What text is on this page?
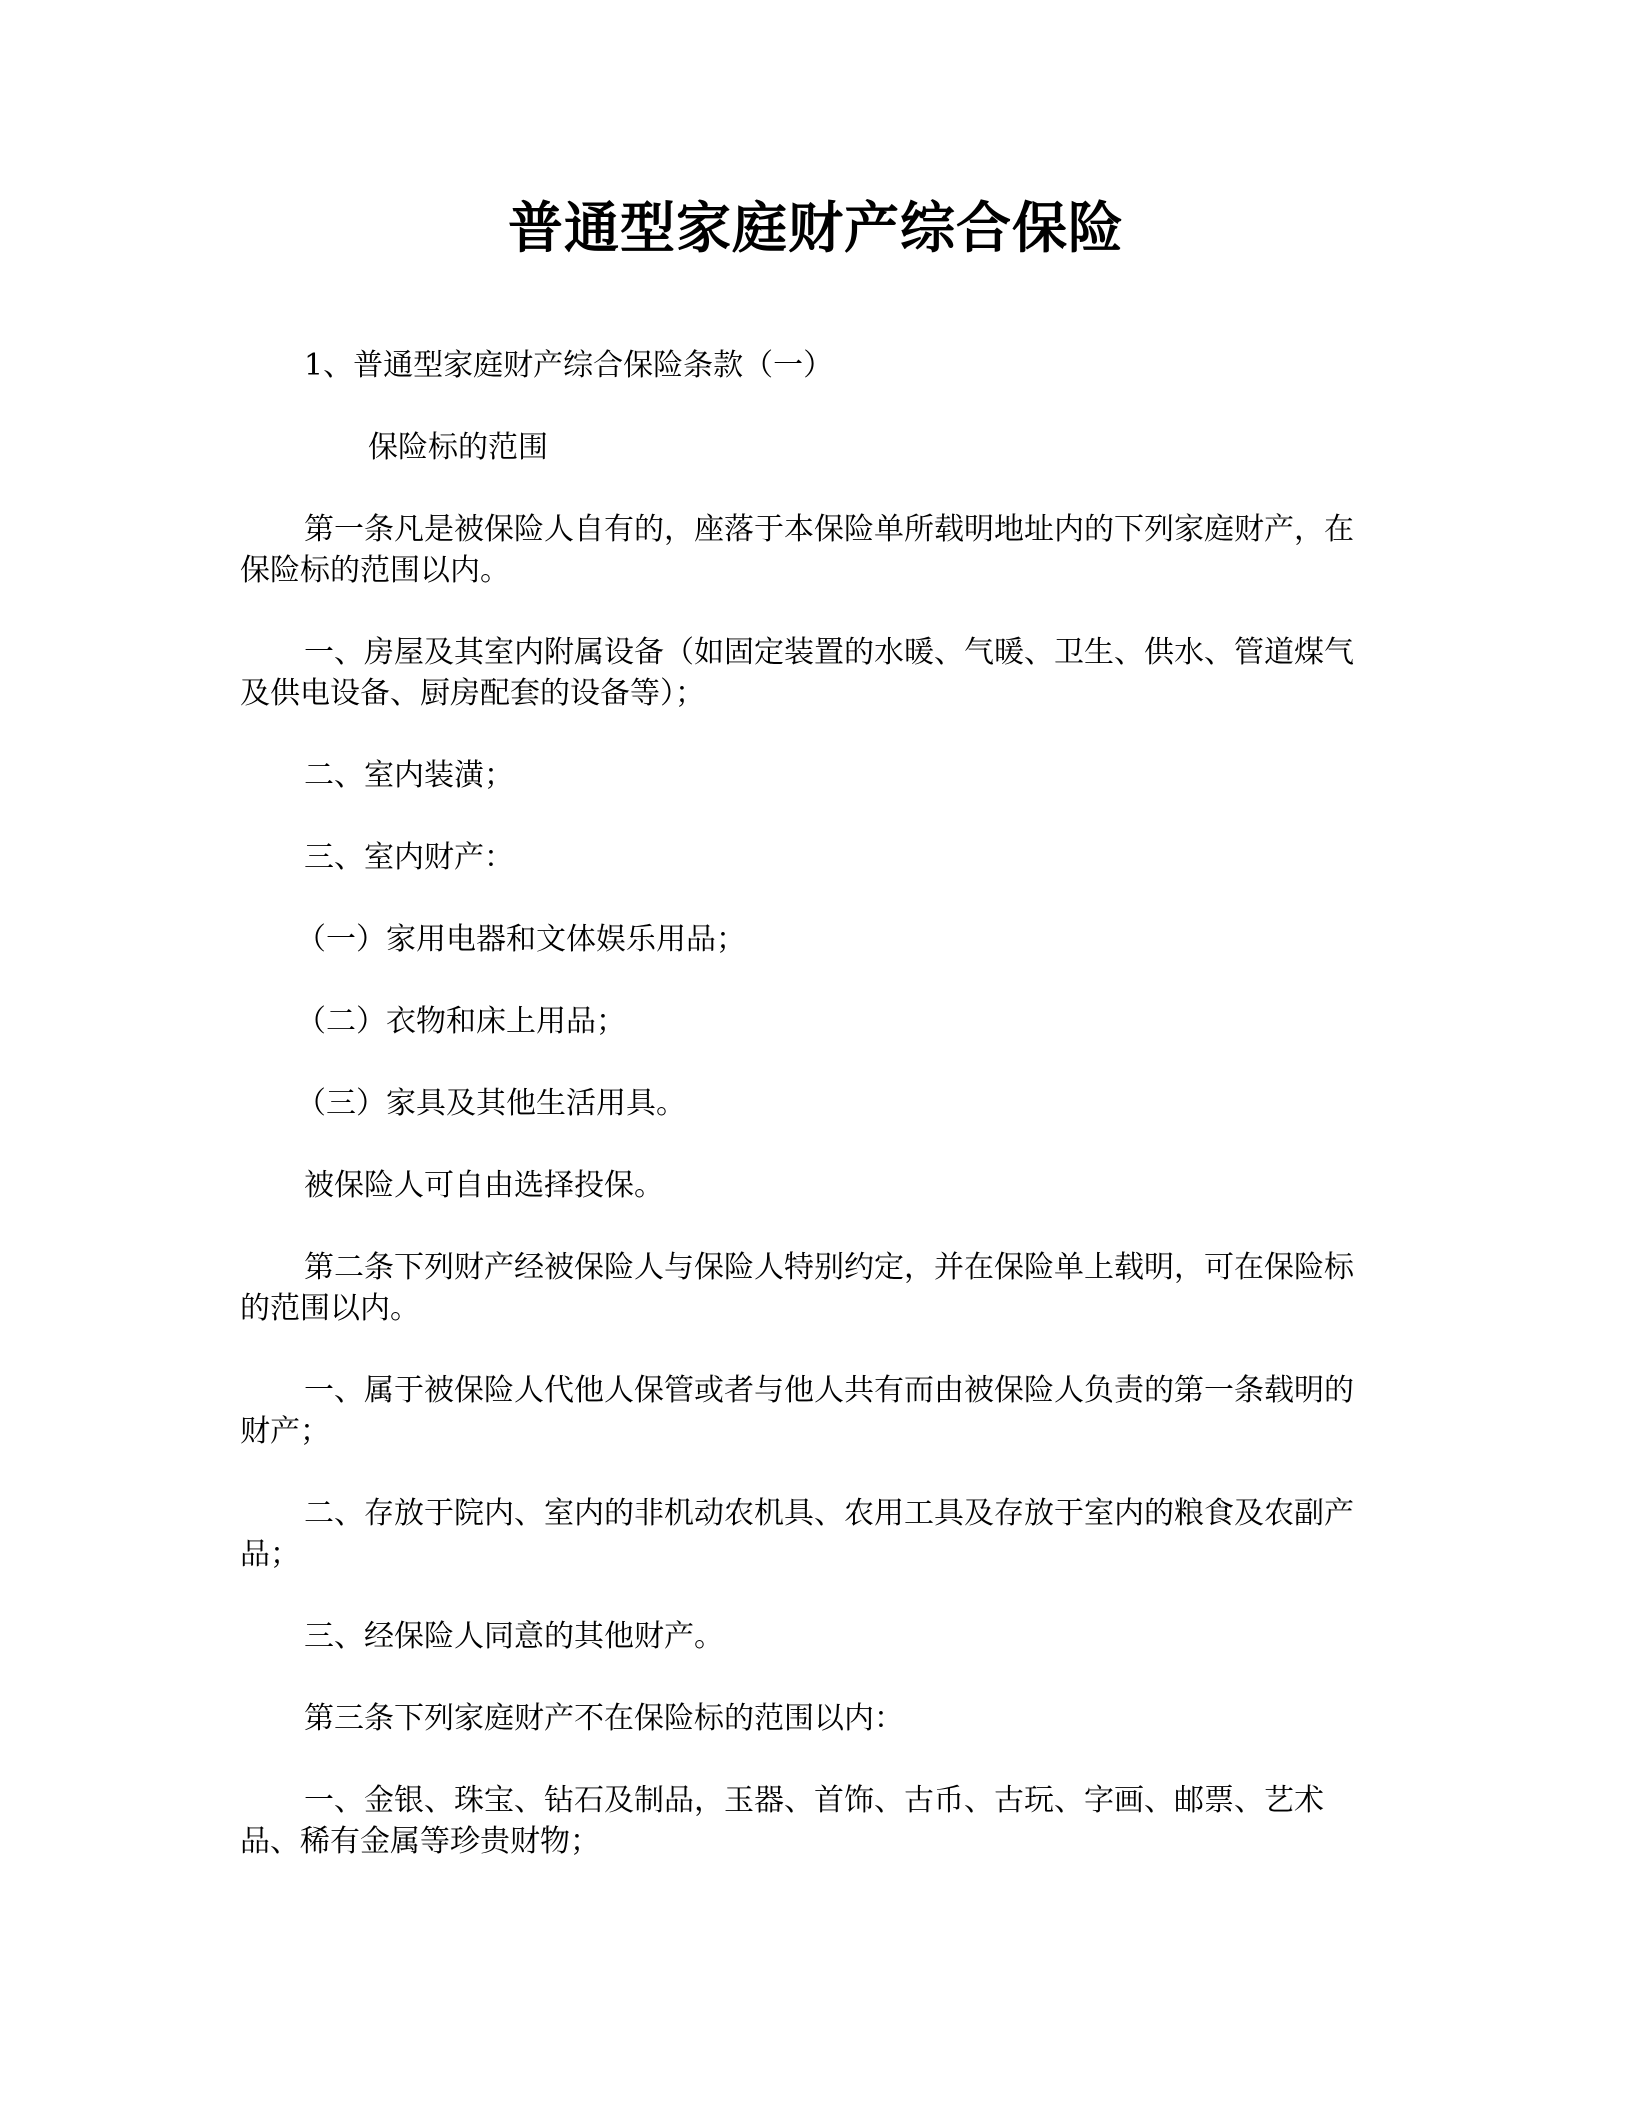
普通型家庭财产综合保险

1、普通型家庭财产综合保险条款（一）

保险标的范围

第一条凡是被保险人自有的，座落于本保险单所载明地址内的下列家庭财产，在保险标的范围以内。

一、房屋及其室内附属设备（如固定装置的水暖、气暖、卫生、供水、管道煤气及供电设备、厨房配套的设备等）；

二、室内装潢；

三、室内财产：

（一）家用电器和文体娱乐用品；

（二）衣物和床上用品；

（三）家具及其他生活用具。

被保险人可自由选择投保。

第二条下列财产经被保险人与保险人特别约定，并在保险单上载明，可在保险标的范围以内。

一、属于被保险人代他人保管或者与他人共有而由被保险人负责的第一条载明的财产；

二、存放于院内、室内的非机动农机具、农用工具及存放于室内的粮食及农副产品；

三、经保险人同意的其他财产。

第三条下列家庭财产不在保险标的范围以内：

一、金银、珠宝、钻石及制品，玉器、首饰、古币、古玩、字画、邮票、艺术品、稀有金属等珍贵财物；
